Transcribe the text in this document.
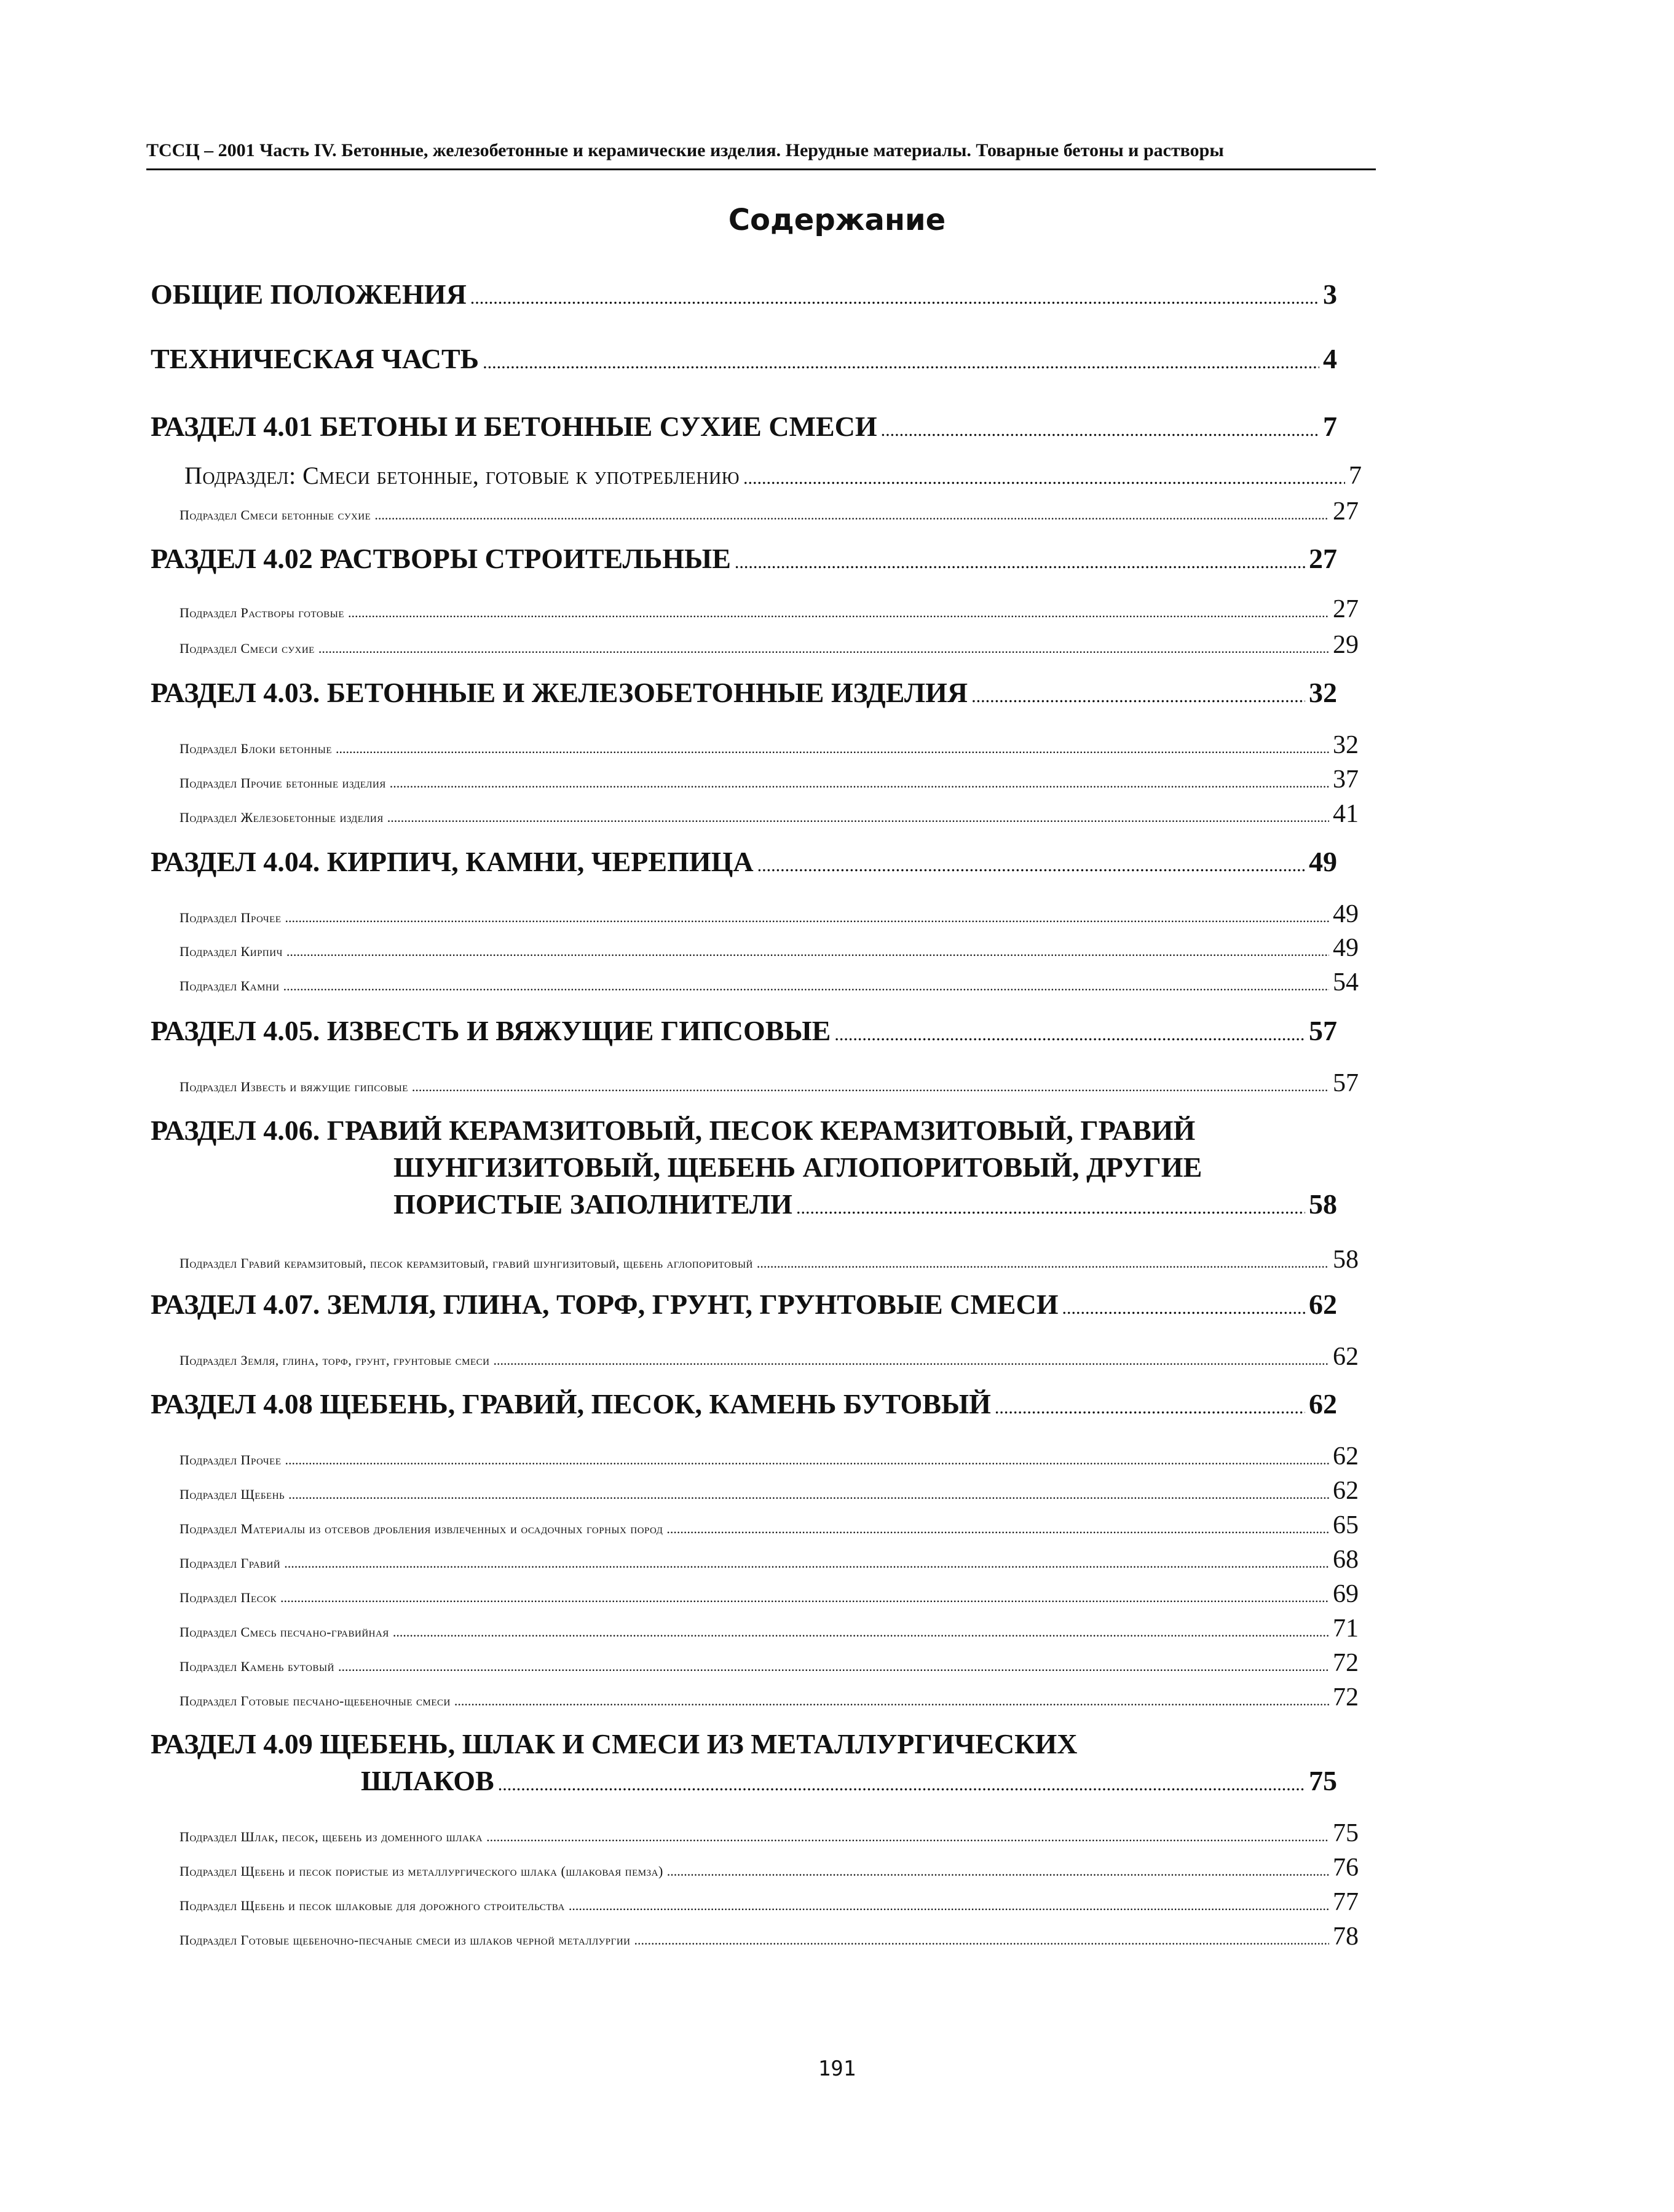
ТССЦ – 2001 Часть IV. Бетонные, железобетонные и керамические изделия. Нерудные материалы. Товарные бетоны и растворы
Содержание
ОБЩИЕ ПОЛОЖЕНИЯ .....	3
ТЕХНИЧЕСКАЯ ЧАСТЬ .....	4
РАЗДЕЛ 4.01 БЕТОНЫ И БЕТОННЫЕ СУХИЕ СМЕСИ .....	7
Подраздел: Смеси бетонные, готовые к употреблению .....	7
Подраздел Смеси бетонные сухие .....	27
РАЗДЕЛ 4.02 РАСТВОРЫ СТРОИТЕЛЬНЫЕ .....	27
Подраздел Растворы готовые .....	27
Подраздел Смеси сухие .....	29
РАЗДЕЛ 4.03. БЕТОННЫЕ И ЖЕЛЕЗОБЕТОННЫЕ ИЗДЕЛИЯ .....	32
Подраздел Блоки бетонные .....	32
Подраздел Прочие бетонные изделия .....	37
Подраздел Железобетонные изделия .....	41
РАЗДЕЛ 4.04. КИРПИЧ, КАМНИ, ЧЕРЕПИЦА .....	49
Подраздел Прочее .....	49
Подраздел Кирпич .....	49
Подраздел Камни .....	54
РАЗДЕЛ 4.05. ИЗВЕСТЬ И ВЯЖУЩИЕ ГИПСОВЫЕ .....	57
Подраздел Известь и вяжущие гипсовые .....	57
РАЗДЕЛ 4.06. ГРАВИЙ КЕРАМЗИТОВЫЙ, ПЕСОК КЕРАМЗИТОВЫЙ, ГРАВИЙ
ШУНГИЗИТОВЫЙ, ЩЕБЕНЬ АГЛОПОРИТОВЫЙ, ДРУГИЕ
ПОРИСТЫЕ ЗАПОЛНИТЕЛИ .....	58
Подраздел Гравий керамзитовый, песок керамзитовый, гравий шунгизитовый, щебень аглопоритовый .....	58
РАЗДЕЛ 4.07. ЗЕМЛЯ, ГЛИНА, ТОРФ, ГРУНТ, ГРУНТОВЫЕ СМЕСИ .....	62
Подраздел Земля, глина, торф, грунт, грунтовые смеси .....	62
РАЗДЕЛ 4.08 ЩЕБЕНЬ, ГРАВИЙ, ПЕСОК, КАМЕНЬ БУТОВЫЙ .....	62
Подраздел Прочее .....	62
Подраздел Щебень .....	62
Подраздел Материалы из отсевов дробления извлеченных и осадочных горных пород .....	65
Подраздел Гравий .....	68
Подраздел Песок .....	69
Подраздел Смесь песчано-гравийная .....	71
Подраздел Камень бутовый .....	72
Подраздел Готовые песчано-щебеночные смеси .....	72
РАЗДЕЛ 4.09 ЩЕБЕНЬ, ШЛАК И СМЕСИ ИЗ МЕТАЛЛУРГИЧЕСКИХ
ШЛАКОВ .....	75
Подраздел Шлак, песок, щебень из доменного шлака .....	75
Подраздел Щебень и песок пористые из металлургического шлака (шлаковая пемза) .....	76
Подраздел Щебень и песок шлаковые для дорожного строительства .....	77
Подраздел Готовые щебеночно-песчаные смеси из шлаков черной металлургии .....	78
191
